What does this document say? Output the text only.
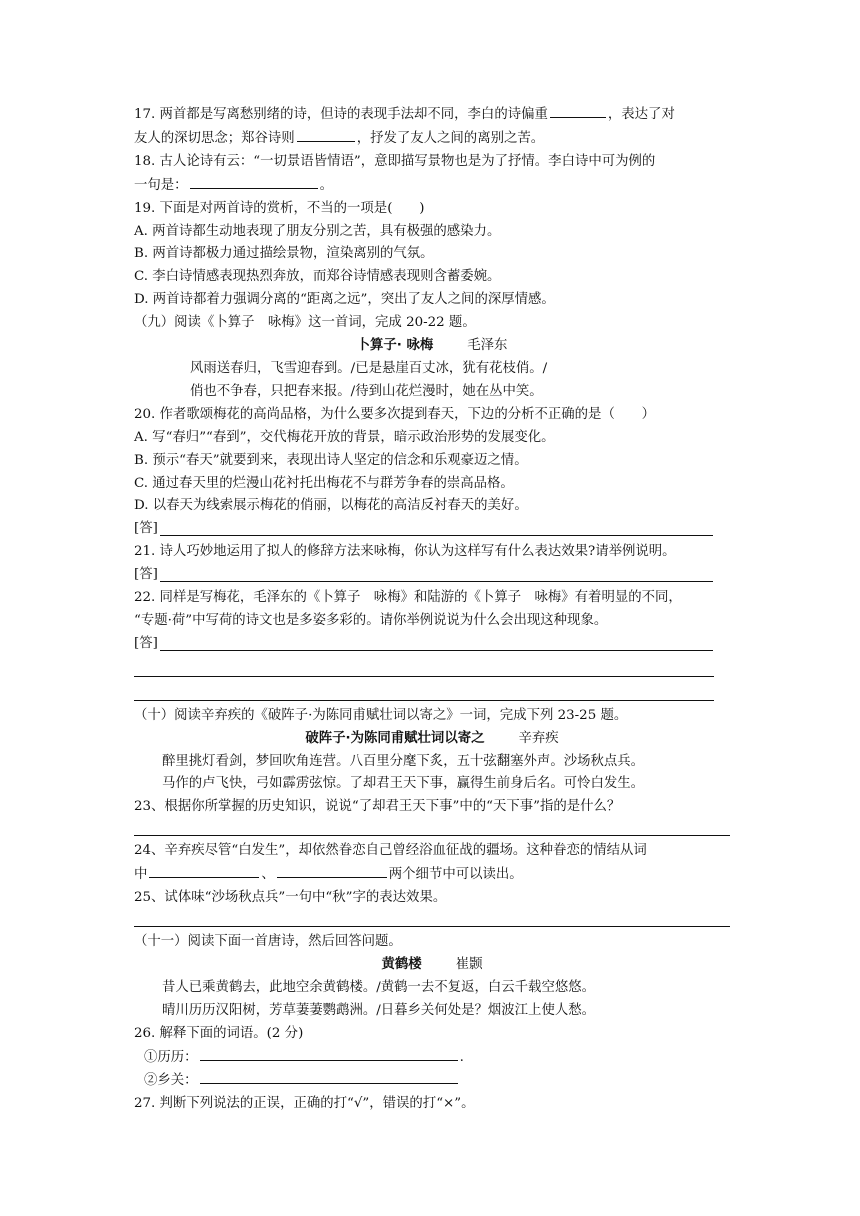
17. 两首都是写离愁别绪的诗，但诗的表现手法却不同，李白的诗偏重	，表达了对
友人的深切思念；郑谷诗则	，抒发了友人之间的离别之苦。
18. 古人论诗有云：“一切景语皆情语”，意即描写景物也是为了抒情。李白诗中可为例的
一句是：	。
19. 下面是对两首诗的赏析，不当的一项是(　　)
A. 两首诗都生动地表现了朋友分别之苦，具有极强的感染力。
B. 两首诗都极力通过描绘景物，渲染离别的气氛。
C. 李白诗情感表现热烈奔放，而郑谷诗情感表现则含蓄委婉。
D. 两首诗都着力强调分离的“距离之远”，突出了友人之间的深厚情感。
（九）阅读《卜算子　咏梅》这一首词，完成 20-22 题。
卜算子· 咏梅	毛泽东
风雨送春归，飞雪迎春到。/已是悬崖百丈冰，犹有花枝俏。/
俏也不争春，只把春来报。/待到山花烂漫时，她在丛中笑。
20. 作者歌颂梅花的高尚品格，为什么要多次提到春天，下边的分析不正确的是（　　）
A. 写“春归”“春到”，交代梅花开放的背景，暗示政治形势的发展变化。
B. 预示“春天”就要到来，表现出诗人坚定的信念和乐观豪迈之情。
C. 通过春天里的烂漫山花衬托出梅花不与群芳争春的崇高品格。
D. 以春天为线索展示梅花的俏丽，以梅花的高洁反衬春天的美好。
[答]
21. 诗人巧妙地运用了拟人的修辞方法来咏梅，你认为这样写有什么表达效果?请举例说明。
[答]
22. 同样是写梅花，毛泽东的《卜算子　咏梅》和陆游的《卜算子　咏梅》有着明显的不同，
“专题·荷”中写荷的诗文也是多姿多彩的。请你举例说说为什么会出现这种现象。
[答]
（十）阅读辛弃疾的《破阵子·为陈同甫赋壮词以寄之》一词，完成下列 23-25 题。
破阵子·为陈同甫赋壮词以寄之	辛弃疾
醉里挑灯看剑，梦回吹角连营。八百里分麾下炙，五十弦翻塞外声。沙场秋点兵。
马作的卢飞快，弓如霹雳弦惊。了却君王天下事，赢得生前身后名。可怜白发生。
23、根据你所掌握的历史知识，说说“了却君王天下事”中的“天下事”指的是什么？
24、辛弃疾尽管“白发生”，却依然眷恋自己曾经浴血征战的疆场。这种眷恋的情结从词
中	、	两个细节中可以读出。
25、试体味“沙场秋点兵”一句中“秋”字的表达效果。
（十一）阅读下面一首唐诗，然后回答问题。
黄鹤楼	崔颢
昔人已乘黄鹤去，此地空余黄鹤楼。/黄鹤一去不复返，白云千载空悠悠。
晴川历历汉阳树，芳草萋萋鹦鹉洲。/日暮乡关何处是？烟波江上使人愁。
26. 解释下面的词语。(2 分)
①历历：	.
②乡关：
27. 判断下列说法的正误，正确的打“√”，错误的打“×”。
